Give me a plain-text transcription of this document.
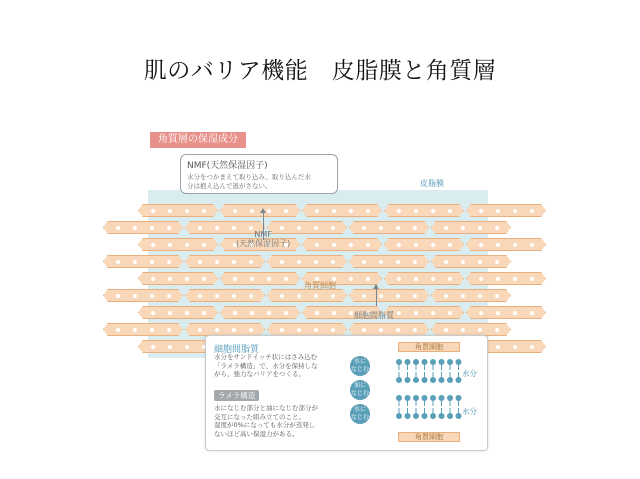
肌のバリア機能　皮脂膜と角質層
角質層の保湿成分
皮脂膜
NMF
(天然保湿因子)
角質細胞
細胞間脂質
NMF(天然保湿因子)
水分をつかまえて取り込み、取り込んだ水
分は抱え込んで逃がさない。
細胞間脂質
水分をサンドイッチ状にはさみ込む
「ラメラ構造」で、水分を保持しな
がら、強力なバリアをつくる。
ラメラ構造
水になじむ部分と油になじむ部分が
交互になった組み立てのこと。
湿度が0%になっても水分が蒸発し
ないほど高い保湿力がある。
角質細胞
角質細胞
水に
なじむ
油に
なじむ
水に
なじむ
水分
水分
